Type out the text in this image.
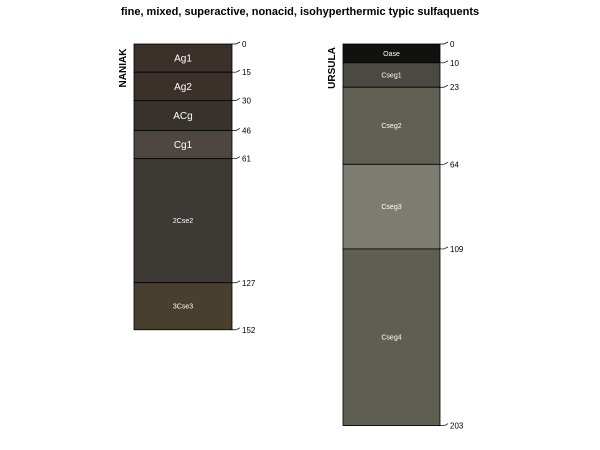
fine, mixed, superactive, nonacid, isohyperthermic typic sulfaquents
Ag1
Ag2
ACg
Cg1
2Cse2
3Cse3
0
15
30
46
61
127
152
NANIAK	Oase
Cseg1
Cseg2
Cseg3
Cseg4
0
10
23
64
109
203
URSULA
